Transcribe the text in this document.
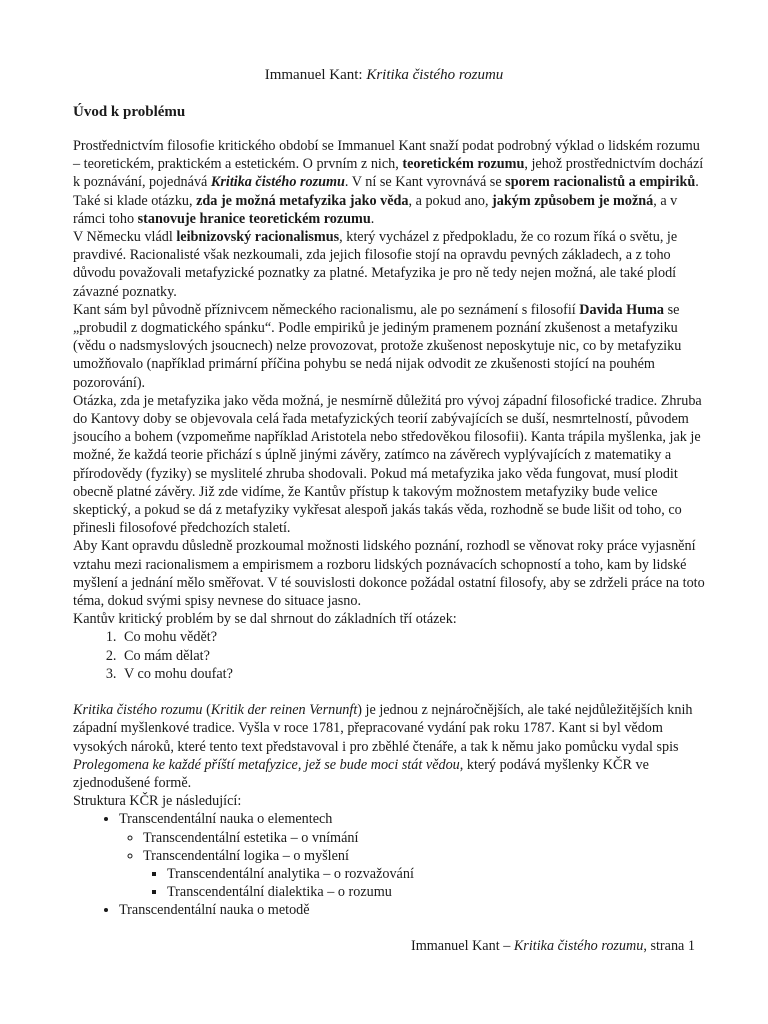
Immanuel Kant: Kritika čistého rozumu
Úvod k problému

Prostřednictvím filosofie kritického období se Immanuel Kant snaží podat podrobný výklad o lidském rozumu – teoretickém, praktickém a estetickém. O prvním z nich, teoretickém rozumu, jehož prostřednictvím dochází k poznávání, pojednává Kritika čistého rozumu. V ní se Kant vyrovnává se sporem racionalistů a empiriků. Také si klade otázku, zda je možná metafyzika jako věda, a pokud ano, jakým způsobem je možná, a v rámci toho stanovuje hranice teoretickém rozumu.

V Německu vládl leibnizovský racionalismus, který vycházel z předpokladu, že co rozum říká o světu, je pravdivé. Racionalisté však nezkoumali, zda jejich filosofie stojí na opravdu pevných základech, a z toho důvodu považovali metafyzické poznatky za platné. Metafyzika je pro ně tedy nejen možná, ale také plodí závazné poznatky.

Kant sám byl původně příznivcem německého racionalismu, ale po seznámení s filosofií Davida Huma se „probudil z dogmatického spánku“. Podle empiriků je jediným pramenem poznání zkušenost a metafyziku (vědu o nadsmyslových jsoucnech) nelze provozovat, protože zkušenost neposkytuje nic, co by metafyziku umožňovalo (například primární příčina pohybu se nedá nijak odvodit ze zkušenosti stojící na pouhém pozorování).

Otázka, zda je metafyzika jako věda možná, je nesmírně důležitá pro vývoj západní filosofické tradice. Zhruba do Kantovy doby se objevovala celá řada metafyzických teorií zabývajících se duší, nesmrtelností, původem jsoucího a bohem (vzpomeňme například Aristotela nebo středověkou filosofii). Kanta trápila myšlenka, jak je možné, že každá teorie přichází s úplně jinými závěry, zatímco na závěrech vyplývajících z matematiky a přírodovědy (fyziky) se myslitelé zhruba shodovali. Pokud má metafyzika jako věda fungovat, musí plodit obecně platné závěry. Již zde vidíme, že Kantův přístup k takovým možnostem metafyziky bude velice skeptický, a pokud se dá z metafyziky vykřesat alespoň jakás takás věda, rozhodně se bude lišit od toho, co přinesli filosofové předchozích staletí.

Aby Kant opravdu důsledně prozkoumal možnosti lidského poznání, rozhodl se věnovat roky práce vyjasnění vztahu mezi racionalismem a empirismem a rozboru lidských poznávacích schopností a toho, kam by lidské myšlení a jednání mělo směřovat. V té souvislosti dokonce požádal ostatní filosofy, aby se zdrželi práce na toto téma, dokud svými spisy nevnese do situace jasno.

Kantův kritický problém by se dal shrnout do základních tří otázek:

1. Co mohu vědět?
2. Co mám dělat?
3. V co mohu doufat?

Kritika čistého rozumu (Kritik der reinen Vernunft) je jednou z nejnáročnějších, ale také nejdůležitějších knih západní myšlenkové tradice. Vyšla v roce 1781, přepracované vydání pak roku 1787. Kant si byl vědom vysokých nároků, které tento text představoval i pro zběhlé čtenáře, a tak k němu jako pomůcku vydal spis Prolegomena ke každé příští metafyzice, jež se bude moci stát vědou, který podává myšlenky KČR ve zjednodušené formě.

Struktura KČR je následující:

• Transcendentální nauka o elementech
◦ Transcendentální estetika – o vnímání
◦ Transcendentální logika – o myšlení
▪ Transcendentální analytika – o rozvažování
▪ Transcendentální dialektika – o rozumu
• Transcendentální nauka o metodě
Immanuel Kant – Kritika čistého rozumu, strana 1
